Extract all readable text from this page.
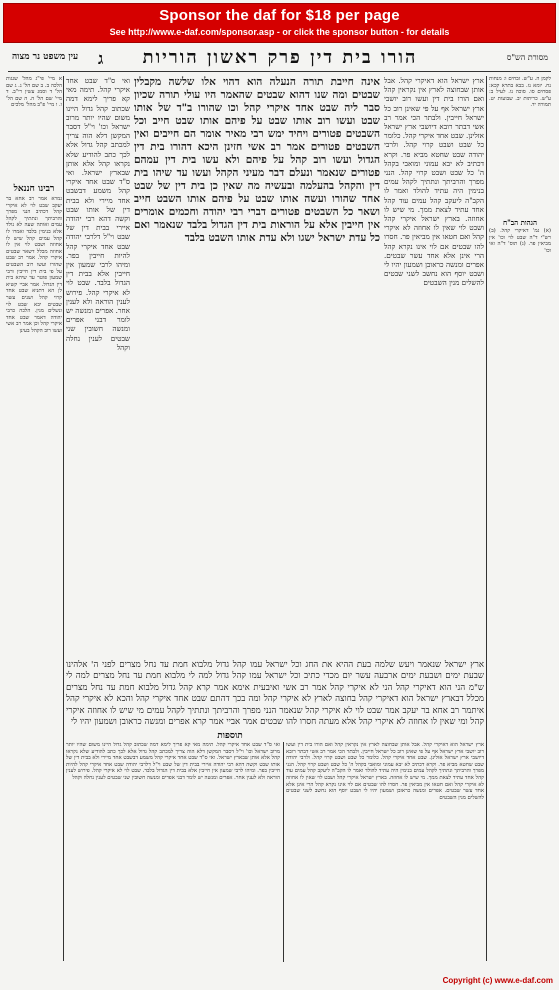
Sponsor the daf for $18 per page
See http://www.e-daf.com/sponsor.asp - or click the sponsor button - for details
הורו בית דין פרק ראשון הוריות
ג	מסורת הש"ס
עין משפט נר מצוה
לקמן ה. ע"ש. זבחים ו: מנחות נח. יומא נז. בבא בתרא קכא: פסחים סו. סוכה נו. לעיל ב: ע"ש. כריתות יב. שבועות יט. תמורה יד.
הגהות הב"ח
(א) גמ' דאיקרי קהל. (ב) רש"י ד"ה שבט לוי וכו' אין מביאין פר. (ג) תוס' ד"ה ואי וכו'
ארץ ישראל הוא דאיקרי קהל. אבל אותן שבחוצה לארץ אין נקראין קהל ואם הורו בית דין ועשו רוב יושבי ארץ ישראל אף על פי שאינן רוב כל ישראל חייבין. ולבתר הכי אמר רב אשי דבתר רובא דיושבי ארץ ישראל אזלינן. שבט אחד איקרי קהל. כלומר כל שבט ושבט קרוי קהל. ולרבי יהודה שבט שחטא מביא פר. וקרא דכתיב לא יבא עמוני ומואבי בקהל ה' כל שבט ושבט קרוי קהל. הנני מפרך והרביתך ונתתיך לקהל עמים בנימין היה עתיד להולד ואמר לו הקב"ה ליעקב קהל עמים עוד קהל אחד עתיד לצאת ממך. מי שיש לו אחוזה. בארץ ישראל איקרי קהל ושבט לוי שאין לו אחוזה לא איקרי קהל ואם חטאו אין מביאין פר. חסרו להו שבטים אם לוי אינו נקרא קהל הרי אינן אלא אחד עשר שבטים. אפרים ומנשה כראובן ושמעון יהיו לי ושבט יוסף הוא נחשב לשני שבטים להשלים מנין השבטים
אינה חייבת תורה הנעלה הוא דהוי אלו שלשה מקבלין שבטים ומה שנו דהוא שבטים שהאמר היו עולי תורה שכיון סבר ליה שבט אחד איקרי קהל וכו שהורו ב"ד של אותו שבט ועשו רוב אותו שבט על פיהם אותו שבט חייב וכל השבטים פטורים ויחיד ימש רבי מאיר אומר הם חייבים ואין השבטים פטורים אמר רב אשי חזינן היכא דהורו בית דין הגדול ועשו רוב קהל על פיהם ולא עשו בית דין עמהם פטורים שנאמר ונעלם דבר מעיני הקהל ועשו עד שיהו בית דין והקהל בהעלמה ובעשיה מה שאין כן בית דין של שבט אחד שהורו ועשה אותו שבט על פיהם אותו השבט חייב ושאר כל השבטים פטורים דברי רבי יהודה וחכמים אומרים אין חייבין אלא על הוראות בית דין הגדול בלבד שנאמר ואם כל עדת ישראל ישגו ולא עדת אותו השבט בלבד
א מיי' פי"ג מהל' שגגות הלכה ב. ב שם הל' ג. ג שם הל' ד וסמג עשין רי"ב. ד מיי' שם הל' ה. ה שם הל' ו. ו מיי' פ"ב מהל' מלכים
רבינו חננאל
גמרא אמר רב אחא בר יעקב שבט לוי לא איקרי קהל דכתיב הנני מפרך והרביתך ונתתיך לקהל עמים ואותה שעה לא נולד אלא בנימין בלבד ואמרו לו קהל עמים קהל שיש לו אחוזה ושבט לוי אין לו אחוזה מכלל דשאר שבטים איקרי קהל. אמר רב שבט שהורו ועשו רוב השבטים על פי בית דין חייבין ורבי שמעון פוטר עד שיהא בית דין הגדול. אמר אביי קשיא לן הא דתניא שבט אחד קרוי קהל ושנים עשר שבטים יבא שבט לוי ונשלים מנין. הלכה כרבי יהודה דאמר שבט אחד איקרי קהל וכן אמר רב אשי ועשו רוב הקהל בעינן
ואי ס"ד שבט אחד איקרי קהל. תימה מאי קא פריך לימא דמה שכתוב קהל גדול היינו משום שהיו יותר מרוב ישראל וכו' וי"ל דסבר המקשן דלא הוה צריך למכתב קהל גדול אלא לכך כתב להודיע שלא נקראו קהל אלא אותן שבארץ ישראל. ואי ס"ד שבט אחד איקרי קהל משמע דבשבט אחד מיירי ולא בבית דין של אותו שבט וקשה דהא רבי יהודה איירי בבית דין של שבט וי"ל דלרבי יהודה שבט אחד איקרי קהל להיות חייבין בפר. ומיהו לרבי שמעון אין חייבין אלא בבית דין הגדול בלבד. שבט לוי לא איקרי קהל. פירוש לענין הוראה ולא לענין אחר. אפרים ומנשה יש לומר דבני אפרים ומנשה חשובין שני שבטים לענין נחלה וקהל
ארץ ישראל שנאמר ויעש שלמה בעת ההיא את החג וכל ישראל עמו קהל גדול מלבוא חמת עד נחל מצרים לפני ה' אלהינו שבעת ימים ושבעת ימים ארבעה עשר יום מכדי כתיב וכל ישראל עמו קהל גדול למה לי מלבוא חמת עד נחל מצרים למה לי ש"מ הני הוא דאיקרי קהל הני לא איקרי קהל אמר רב אשי ואיבעית אימא אמר קרא קהל גדול מלבוא חמת עד נחל מצרים מכלל דבארץ ישראל הוא דאיקרי קהל בחוצה לארץ לא איקרי קהל ומה בכך דהתם שבט אחד איקרי קהל והכא לא איקרי קהל איתמר רב אחא בר יעקב אמר שבט לוי לא איקרי קהל שנאמר הנני מפרך והרביתך ונתתיך לקהל עמים מי שיש לו אחוזה איקרי קהל ומי שאין לו אחוזה לא איקרי קהל אלא מעתה חסרו להו שבטים אמר אביי אמר קרא אפרים ומנשה כראובן ושמעון יהיו לי
תוספות
ואי ס"ד שבט אחד איקרי קהל. תימה מאי קא פריך לימא דמה שכתוב קהל גדול היינו משום שהיו יותר מרוב ישראל וכו' וי"ל דסבר המקשן דלא הוה צריך למכתב קהל גדול אלא לכך כתב להודיע שלא נקראו קהל אלא אותן שבארץ ישראל. ואי ס"ד שבט אחד איקרי קהל משמע דבשבט אחד מיירי ולא בבית דין של אותו שבט וקשה דהא רבי יהודה איירי בבית דין של שבט וי"ל דלרבי יהודה שבט אחד איקרי קהל להיות חייבין בפר. ומיהו לרבי שמעון אין חייבין אלא בבית דין הגדול בלבד. שבט לוי לא איקרי קהל. פירוש לענין הוראה ולא לענין אחר. אפרים ומנשה יש לומר דבני אפרים ומנשה חשובין שני שבטים לענין נחלה וקהל
ארץ ישראל הוא דאיקרי קהל. אבל אותן שבחוצה לארץ אין נקראין קהל ואם הורו בית דין ועשו רוב יושבי ארץ ישראל אף על פי שאינן רוב כל ישראל חייבין. ולבתר הכי אמר רב אשי דבתר רובא דיושבי ארץ ישראל אזלינן. שבט אחד איקרי קהל. כלומר כל שבט ושבט קרוי קהל. ולרבי יהודה שבט שחטא מביא פר. וקרא דכתיב לא יבא עמוני ומואבי בקהל ה' כל שבט ושבט קרוי קהל. הנני מפרך והרביתך ונתתיך לקהל עמים בנימין היה עתיד להולד ואמר לו הקב"ה ליעקב קהל עמים עוד קהל אחד עתיד לצאת ממך. מי שיש לו אחוזה. בארץ ישראל איקרי קהל ושבט לוי שאין לו אחוזה לא איקרי קהל ואם חטאו אין מביאין פר. חסרו להו שבטים אם לוי אינו נקרא קהל הרי אינן אלא אחד עשר שבטים. אפרים ומנשה כראובן ושמעון יהיו לי ושבט יוסף הוא נחשב לשני שבטים להשלים מנין השבטים
Copyright (c) www.e-daf.com
